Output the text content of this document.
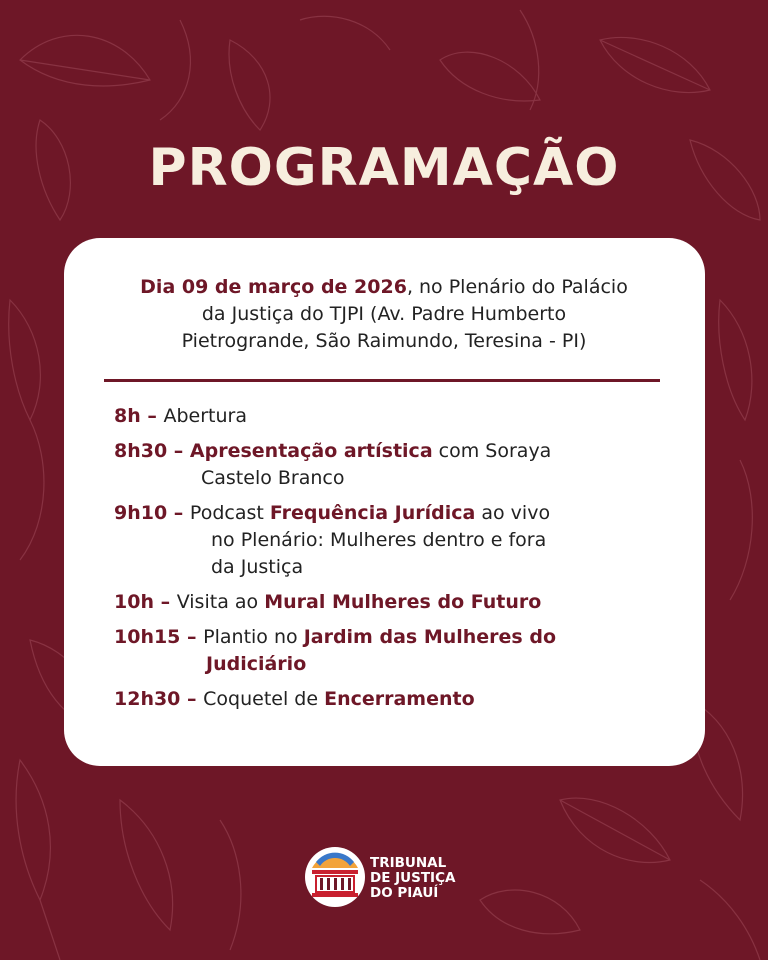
PROGRAMAÇÃO
Dia 09 de março de 2026, no Plenário do Palácio
da Justiça do TJPI (Av. Padre Humberto
Pietrogrande, São Raimundo, Teresina - PI)
8h – Abertura
8h30 – Apresentação artística com Soraya
Castelo Branco
9h10 – Podcast Frequência Jurídica ao vivo
no Plenário: Mulheres dentro e fora
da Justiça
10h – Visita ao Mural Mulheres do Futuro
10h15 – Plantio no Jardim das Mulheres do
Judiciário
12h30 – Coquetel de Encerramento
TRIBUNAL
DE JUSTIÇA
DO PIAUÍ
